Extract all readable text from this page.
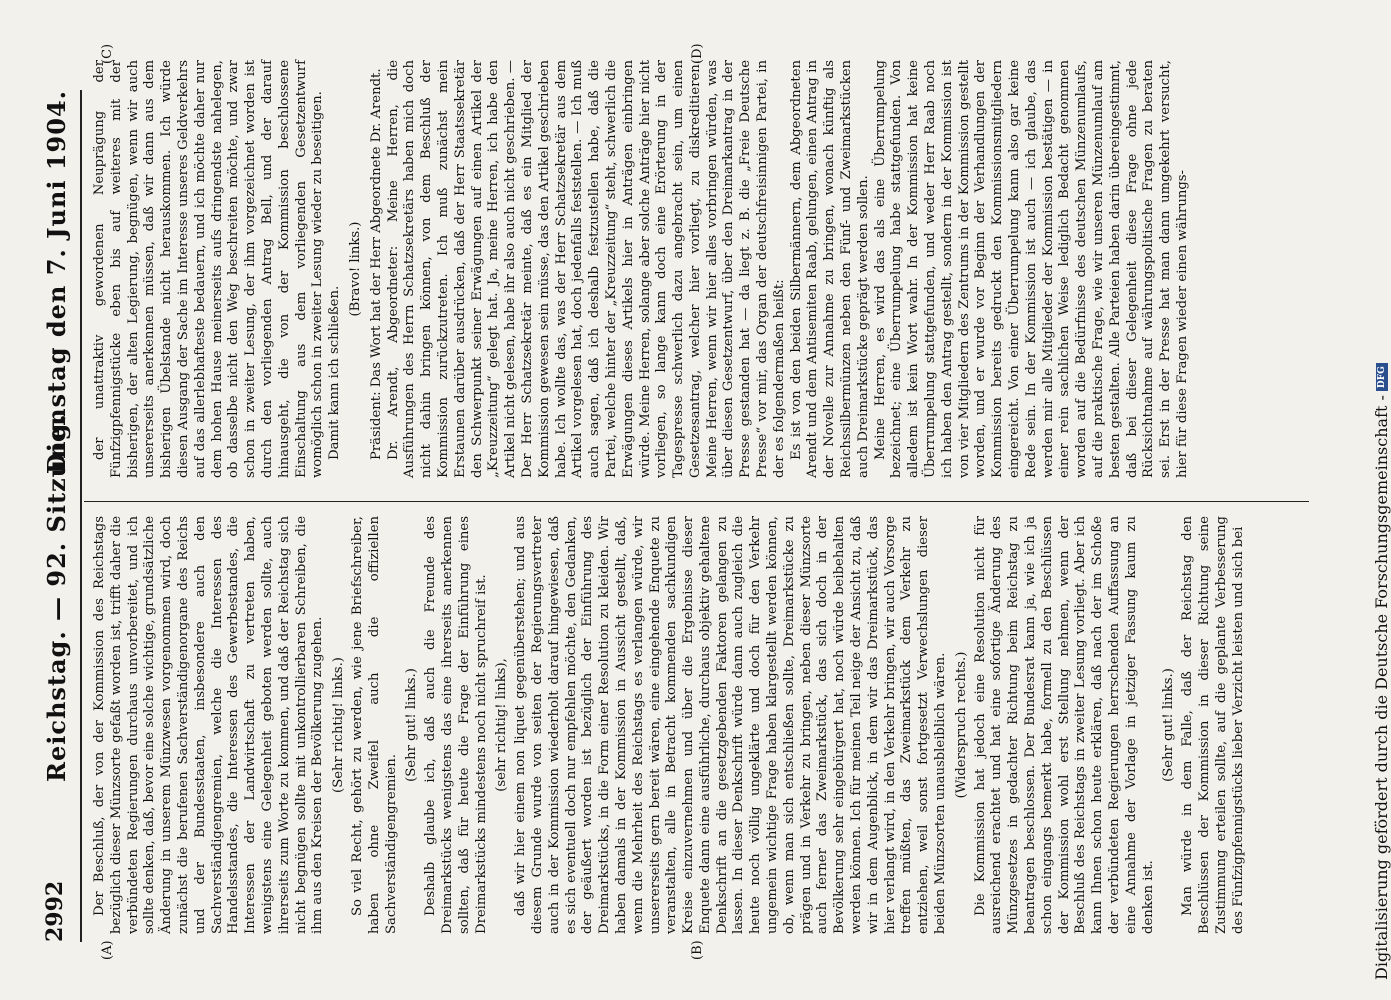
2992
Reichstag. — 92. Sitzung.
Dienstag den 7. Juni 1904.
(A)	(B)
(C)	(D)

Der Beschluß, der von der Kommission des Reichstags bezüglich dieser Münzsorte gefaßt worden ist, trifft daher die verbündeten Regierungen durchaus unvorbereitet, und ich sollte denken, daß, bevor eine solche wichtige, grundsätzliche Änderung in unserem Münzwesen vorgenommen wird, doch zunächst die berufenen Sachverständigenorgane des Reichs und der Bundesstaaten, insbesondere auch den Sachverständigengremien, welche die Interessen des Handelsstandes, die Interessen des Gewerbestandes, die Interessen der Landwirtschaft zu vertreten haben, wenigstens eine Gelegenheit geboten werden sollte, auch ihrerseits zum Worte zu kommen, und daß der Reichstag sich nicht begnügen sollte mit unkontrollierbaren Schreiben, die ihm aus den Kreisen der Bevölkerung zugehen. (Sehr richtig! links.) So viel Recht, gehört zu werden, wie jene Briefschreiber, haben ohne Zweifel auch die offiziellen Sachverständigengremien.

(Sehr gut! links.) Deshalb glaube ich, daß auch die Freunde des Dreimarkstücks wenigstens das eine ihrerseits anerkennen sollten, daß für heute die Frage der Einführung eines Dreimarkstücks mindestens noch nicht spruchreif ist. (sehr richtig! links), daß wir hier einem non liquet gegenüberstehen; und aus diesem Grunde wurde von seiten der Regierungsvertreter auch in der Kommission wiederholt darauf hingewiesen, daß es sich eventuell doch nur empfehlen möchte, den Gedanken, der geäußert worden ist bezüglich der Einführung des Dreimarkstücks, in die Form einer Resolution zu kleiden. Wir haben damals in der Kommission in Aussicht gestellt, daß, wenn die Mehrheit des Reichstags es verlangen würde, wir unsererseits gern bereit wären, eine eingehende Enquete zu veranstalten, alle in Betracht kommenden sachkundigen Kreise einzuvernehmen und über die Ergebnisse dieser Enquete dann eine ausführliche, durchaus objektiv gehaltene Denkschrift an die gesetzgebenden Faktoren gelangen zu lassen. In dieser Denkschrift würde dann auch zugleich die heute noch völlig ungeklärte und doch für den Verkehr ungemein wichtige Frage haben klargestellt werden können, ob, wenn man sich entschließen sollte, Dreimarkstücke zu prägen und in Verkehr zu bringen, neben dieser Münzsorte auch ferner das Zweimarkstück, das sich doch in der Bevölkerung sehr eingebürgert hat, noch würde beibehalten werden können. Ich für meinen Teil neige der Ansicht zu, daß wir in dem Augenblick, in dem wir das Dreimarkstück, das hier verlangt wird, in den Verkehr bringen, wir auch Vorsorge treffen müßten, das Zweimarkstück dem Verkehr zu entziehen, weil sonst fortgesetzt Verwechslungen dieser beiden Münzsorten unausbleiblich wären. (Widerspruch rechts.) Die Kommission hat jedoch eine Resolution nicht für ausreichend erachtet und hat eine sofortige Änderung des Münzgesetzes in gedachter Richtung beim Reichstag zu beantragen beschlossen. Der Bundesrat kann ja, wie ich ja schon eingangs bemerkt habe, formell zu den Beschlüssen der Kommission wohl erst Stellung nehmen, wenn der Beschluß des Reichstags in zweiter Lesung vorliegt. Aber ich kann Ihnen schon heute erklären, daß nach der im Schoße der verbündeten Regierungen herrschenden Auffassung an eine Annahme der Vorlage in jetziger Fassung kaum zu denken ist.

(Sehr gut! links.) Man würde in dem Falle, daß der Reichstag den Beschlüssen der Kommission in dieser Richtung seine Zustimmung erteilen sollte, auf die geplante Verbesserung des Fünfzigpfennigstücks lieber Verzicht leisten und sich bei

der unattraktiv gewordenen Neuprägung der Fünfzigpfennigstücke eben bis auf weiteres mit der bisherigen, der alten Legierung, begnügen, wenn wir auch unsererseits anerkennen müssen, daß wir dann aus dem bisherigen Übelstande nicht herauskommen. Ich würde diesen Ausgang der Sache im Interesse unseres Geldverkehrs auf das allerlebhafteste bedauern, und ich möchte daher nur dem hohen Hause meinerseits aufs dringendste nahelegen, ob dasselbe nicht den Weg beschreiten möchte, und zwar schon in zweiter Lesung, der ihm vorgezeichnet worden ist durch den vorliegenden Antrag Bell, und der darauf hinausgeht, die von der Kommission beschlossene Einschaltung aus dem vorliegenden Gesetzentwurf womöglich schon in zweiter Lesung wieder zu beseitigen. Damit kann ich schließen.

(Bravo! links.) Präsident: Das Wort hat der Herr Abgeordnete Dr. Arendt. Dr. Arendt, Abgeordneter: Meine Herren, die Ausführungen des Herrn Schatzsekretärs haben mich doch nicht dahin bringen können, von dem Beschluß der Kommission zurückzutreten. Ich muß zunächst mein Erstaunen darüber ausdrücken, daß der Herr Staatssekretär den Schwerpunkt seiner Erwägungen auf einen Artikel der „Kreuzzeitung“ gelegt hat. Ja, meine Herren, ich habe den Artikel nicht gelesen, habe ihr also auch nicht geschrieben. — Der Herr Schatzsekretär meinte, daß es ein Mitglied der Kommission gewesen sein müsse, das den Artikel geschrieben habe. Ich wollte das, was der Herr Schatzsekretär aus dem Artikel vorgelesen hat, doch jedenfalls feststellen. — Ich muß auch sagen, daß ich deshalb festzustellen habe, daß die Partei, welche hinter der „Kreuzzeitung“ steht, schwerlich die Erwägungen dieses Artikels hier in Anträgen einbringen würde. Meine Herren, solange aber solche Anträge hier nicht vorliegen, so lange kann doch eine Erörterung in der Tagespresse schwerlich dazu angebracht sein, um einen Gesetzesantrag, welcher hier vorliegt, zu diskreditieren. Meine Herren, wenn wir hier alles vorbringen würden, was über diesen Gesetzentwurf, über den Dreimarkantrag in der Presse gestanden hat — da liegt z. B. die „Freie Deutsche Presse“ vor mir, das Organ der deutschfreisinnigen Partei, in der es folgendermaßen heißt: Es ist von den beiden Silbermännern, dem Abgeordneten Arendt und dem Antisemiten Raab, gelungen, einen Antrag in der Novelle zur Annahme zu bringen, wonach künftig als Reichssilbermünzen neben den Fünf- und Zweimarkstücken auch Dreimarkstücke geprägt werden sollen. Meine Herren, es wird das als eine Überrumpelung bezeichnet; eine Überrumpelung habe stattgefunden. Von alledem ist kein Wort wahr. In der Kommission hat keine Überrumpelung stattgefunden, und weder Herr Raab noch ich haben den Antrag gestellt, sondern in der Kommission ist von vier Mitgliedern des Zentrums in der Kommission gestellt worden, und er wurde vor Beginn der Verhandlungen der Kommission bereits gedruckt den Kommissionsmitgliedern eingereicht. Von einer Überrumpelung kann also gar keine Rede sein. In der Kommission ist auch — ich glaube, das werden mir alle Mitglieder der Kommission bestätigen — in einer rein sachlichen Weise lediglich Bedacht genommen worden auf die Bedürfnisse des deutschen Münzenumlaufs, auf die praktische Frage, wie wir unseren Münzenumlauf am besten gestalten. Alle Parteien haben darin übereingestimmt, daß bei dieser Gelegenheit diese Frage ohne jede Rücksichtnahme auf währungspolitische Fragen zu beraten sei. Erst in der Presse hat man dann umgekehrt versucht, hier für diese Fragen wieder einen währungs-

Digitalisierung gefördert durch die Deutsche Forschungsgemeinschaft -
DFG
